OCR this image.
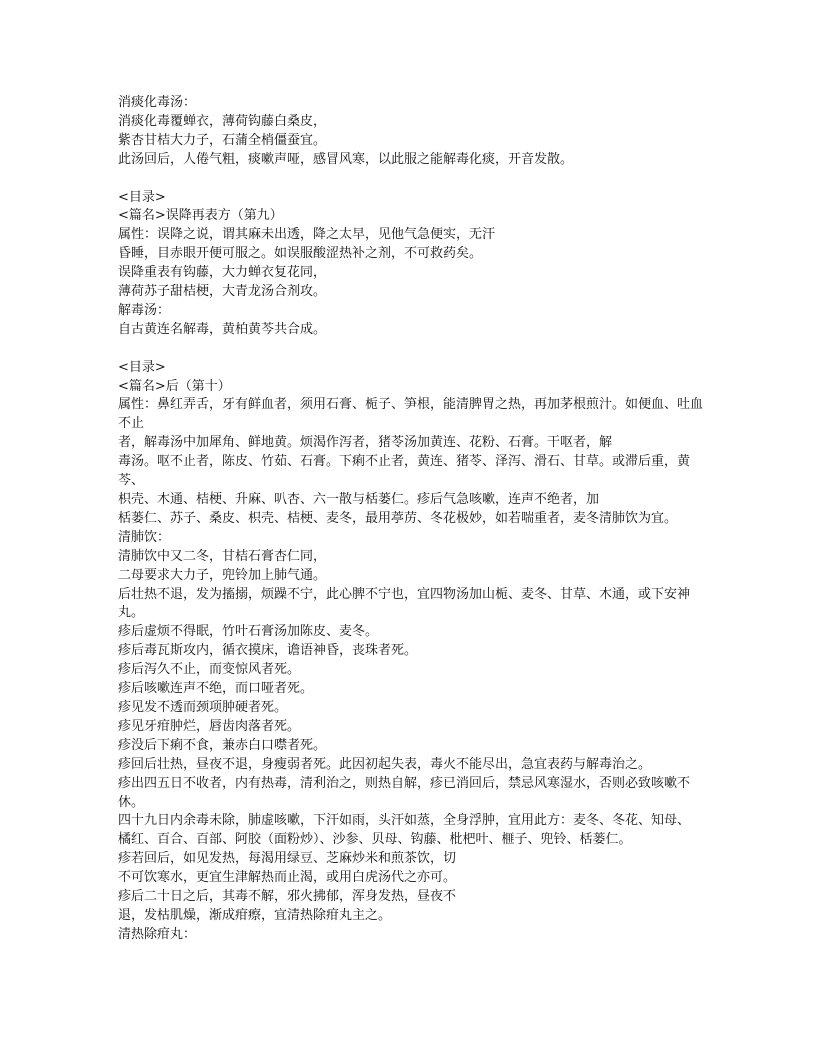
消痰化毒汤：

消痰化毒覆蝉衣，薄荷钩藤白桑皮，

紫杏甘桔大力子，石蒲全梢僵蚕宜。

此汤回后，人倦气粗，痰嗽声哑，感冒风寒，以此服之能解毒化痰，开音发散。

<目录>

<篇名>误降再表方（第九）

属性：误降之说，谓其麻未出透，降之太早，见他气急便实，无汗

昏睡，目赤眼开便可服之。如误服酸涩热补之剂，不可救药矣。

误降重表有钩藤，大力蝉衣复花同，

薄荷苏子甜桔梗，大青龙汤合剂攻。

解毒汤：

自古黄连名解毒，黄柏黄芩共合成。

<目录>

<篇名>后（第十）

属性：鼻红弄舌，牙有鲜血者，须用石膏、栀子、笋根，能清脾胃之热，再加茅根煎汁。如便血、吐血不止

者，解毒汤中加犀角、鲜地黄。烦渴作泻者，猪苓汤加黄连、花粉、石膏。干呕者，解

毒汤。呕不止者，陈皮、竹茹、石膏。下痢不止者，黄连、猪苓、泽泻、滑石、甘草。或滞后重，黄芩、

枳壳、木通、桔梗、升麻、叭杏、六一散与栝蒌仁。疹后气急咳嗽，连声不绝者，加

栝蒌仁、苏子、桑皮、枳壳、桔梗、麦冬，最用葶苈、冬花极妙，如若喘重者，麦冬清肺饮为宜。

清肺饮：

清肺饮中又二冬，甘桔石膏杏仁同，

二母要求大力子，兜铃加上肺气通。

后壮热不退，发为搐搦，烦躁不宁，此心脾不宁也，宜四物汤加山栀、麦冬、甘草、木通，或下安神丸。

疹后虚烦不得眠，竹叶石膏汤加陈皮、麦冬。

疹后毒瓦斯攻内，循衣摸床，谵语神昏，丧珠者死。

疹后泻久不止，而变惊风者死。

疹后咳嗽连声不绝，而口哑者死。

疹见发不透而颈项肿硬者死。

疹见牙疳肿烂，唇齿肉落者死。

疹没后下痢不食，兼赤白口噤者死。

疹回后壮热，昼夜不退，身瘦弱者死。此因初起失表，毒火不能尽出，急宜表药与解毒治之。

疹出四五日不收者，内有热毒，清利治之，则热自解，疹已消回后，禁忌风寒湿水，否则必致咳嗽不休。

四十九日内余毒未除，肺虚咳嗽，下汗如雨，头汗如蒸，全身浮肿，宜用此方：麦冬、冬花、知母、

橘红、百合、百部、阿胶（面粉炒）、沙参、贝母、钩藤、枇杷叶、榧子、兜铃、栝蒌仁。

疹若回后，如见发热，每渴用绿豆、芝麻炒米和煎茶饮，切

不可饮寒水，更宜生津解热而止渴，或用白虎汤代之亦可。

疹后二十日之后，其毒不解，邪火拂郁，浑身发热，昼夜不

退，发枯肌燥，渐成疳瘵，宜清热除疳丸主之。

清热除疳丸：
